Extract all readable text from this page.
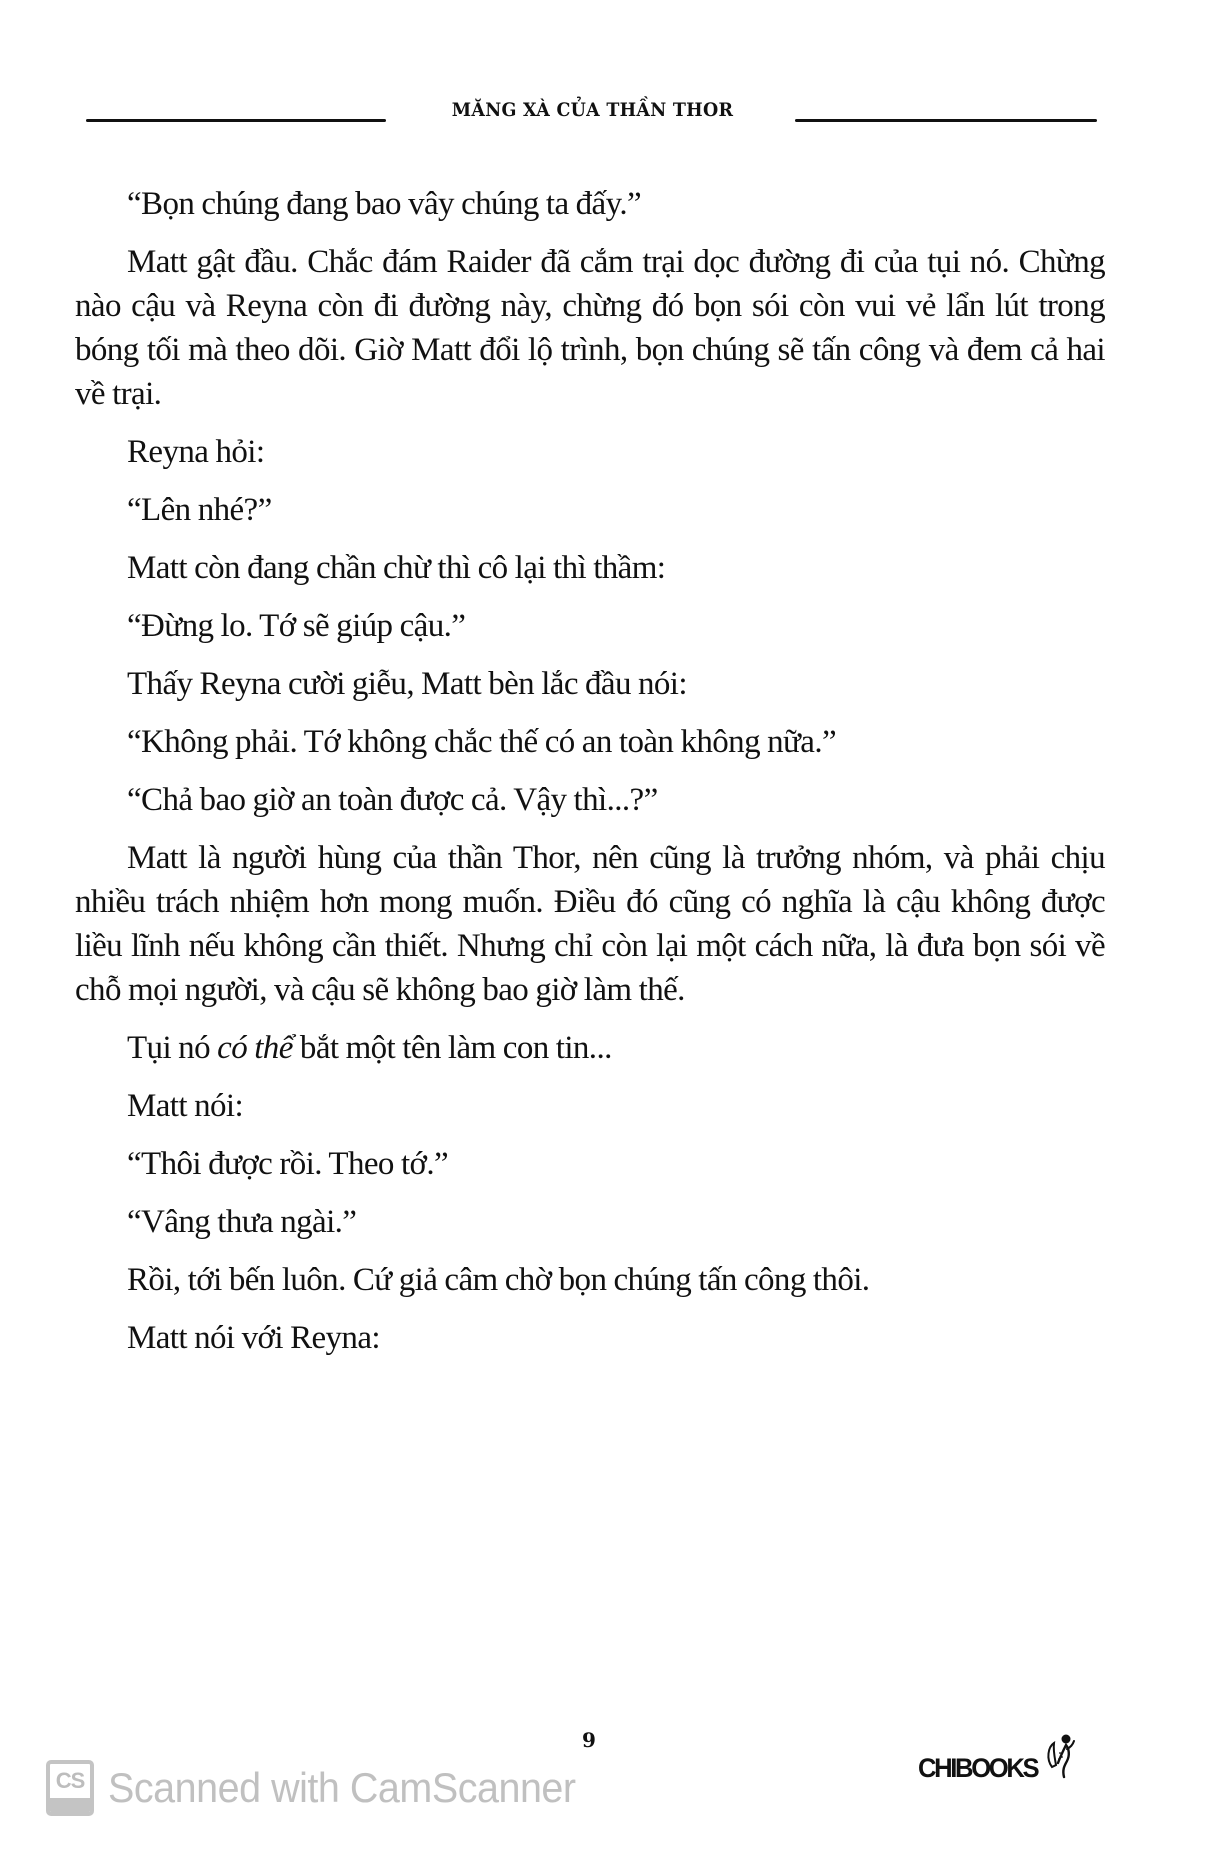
MĂNG XÀ CỦA THẦN THOR

“Bọn chúng đang bao vây chúng ta đấy.”

Matt gật đầu. Chắc đám Raider đã cắm trại dọc đường đi của tụi nó. Chừng nào cậu và Reyna còn đi đường này, chừng đó bọn sói còn vui vẻ lẩn lút trong bóng tối mà theo dõi. Giờ Matt đổi lộ trình, bọn chúng sẽ tấn công và đem cả hai về trại.

Reyna hỏi:

“Lên nhé?”

Matt còn đang chần chừ thì cô lại thì thầm:

“Đừng lo. Tớ sẽ giúp cậu.”

Thấy Reyna cười giễu, Matt bèn lắc đầu nói:

“Không phải. Tớ không chắc thế có an toàn không nữa.”

“Chả bao giờ an toàn được cả. Vậy thì...?”

Matt là người hùng của thần Thor, nên cũng là trưởng nhóm, và phải chịu nhiều trách nhiệm hơn mong muốn. Điều đó cũng có nghĩa là cậu không được liều lĩnh nếu không cần thiết. Nhưng chỉ còn lại một cách nữa, là đưa bọn sói về chỗ mọi người, và cậu sẽ không bao giờ làm thế.

Tụi nó có thể bắt một tên làm con tin...

Matt nói:

“Thôi được rồi. Theo tớ.”

“Vâng thưa ngài.”

Rồi, tới bến luôn. Cứ giả câm chờ bọn chúng tấn công thôi.

Matt nói với Reyna:

CS Scanned with CamScanner
9
CHIBOOKS
